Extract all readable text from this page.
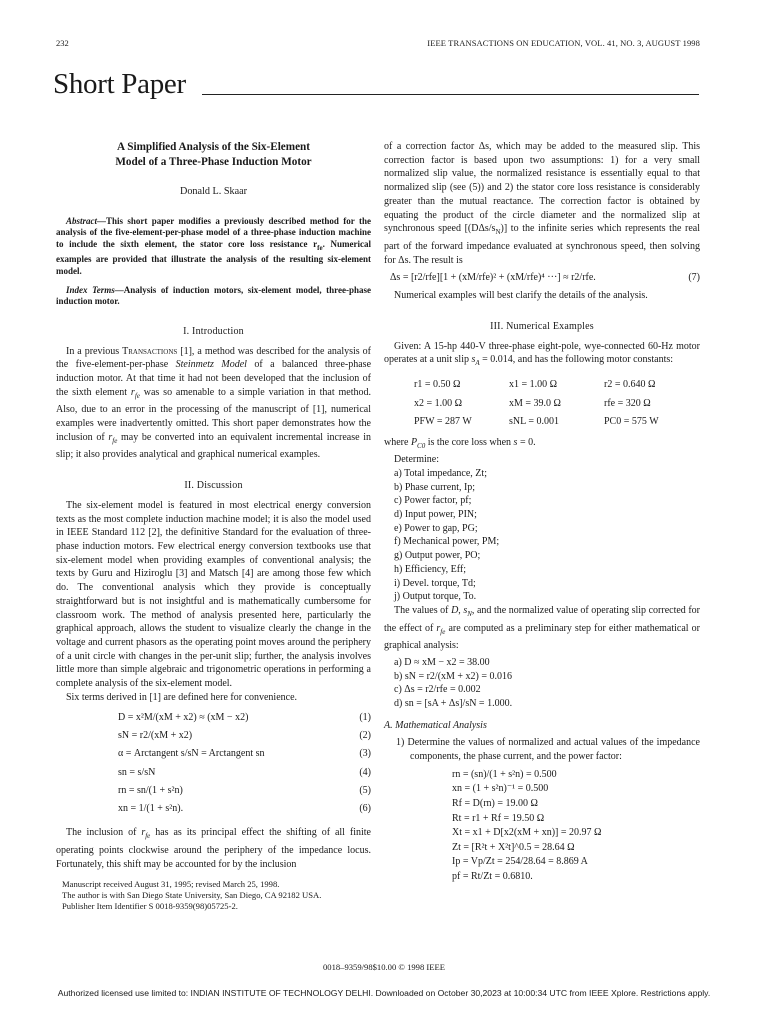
232	IEEE TRANSACTIONS ON EDUCATION, VOL. 41, NO. 3, AUGUST 1998
Short Paper
A Simplified Analysis of the Six-Element
Model of a Three-Phase Induction Motor
Donald L. Skaar

Abstract—This short paper modifies a previously described method for the analysis of the five-element-per-phase model of a three-phase induction machine to include the sixth element, the stator core loss resistance $r_{fe}$. Numerical examples are provided that illustrate the analysis of the resulting six-element model.

Index Terms—Analysis of induction motors, six-element model, three-phase induction motor.

I. Introduction

In a previous Transactions [1], a method was described for the analysis of the five-element-per-phase Steinmetz Model of a balanced three-phase induction motor. At that time it had not been developed that the inclusion of the sixth element $r_{fe}$ was so amenable to a simple variation in that method. Also, due to an error in the processing of the manuscript of [1], numerical examples were inadvertently omitted. This short paper demonstrates how the inclusion of $r_{fe}$ may be converted into an equivalent incremental increase in slip; it also provides analytical and graphical numerical examples.

II. Discussion

The six-element model is featured in most electrical energy conversion texts as the most complete induction machine model; it is also the model used in IEEE Standard 112 [2], the definitive Standard for the evaluation of three-phase induction motors. Few electrical energy conversion textbooks use that six-element model when providing examples of conventional analysis; the texts by Guru and Hiziroglu [3] and Matsch [4] are among those few which do. The conventional analysis which they provide is conceptually straightforward but is not insightful and is mathematically cumbersome for classroom work. The method of analysis presented here, particularly the graphical approach, allows the student to visualize clearly the change in the voltage and current phasors as the operating point moves around the periphery of a unit circle with changes in the per-unit slip; further, the analysis involves little more than simple algebraic and trigonometric operations in performing a complete analysis of the six-element model.

Six terms derived in [1] are defined here for convenience.

D = x²M/(xM + x2) ≈ (xM − x2)	(1)
sN = r2/(xM + x2)	(2)
α = Arctangent s/sN = Arctangent sn	(3)
sn = s/sN	(4)
rn = sn/(1 + s²n)	(5)
xn = 1/(1 + s²n).	(6)

The inclusion of $r_{fe}$ has as its principal effect the shifting of all finite operating points clockwise around the periphery of the impedance locus. Fortunately, this shift may be accounted for by the inclusion

Manuscript received August 31, 1995; revised March 25, 1998.
The author is with San Diego State University, San Diego, CA 92182 USA.
Publisher Item Identifier S 0018-9359(98)05725-2.

of a correction factor Δs, which may be added to the measured slip. This correction factor is based upon two assumptions: 1) for a very small normalized slip value, the normalized resistance is essentially equal to that normalized slip (see (5)) and 2) the stator core loss resistance is considerably greater than the mutual reactance. The correction factor is obtained by equating the product of the circle diameter and the normalized slip at synchronous speed $[(D\Delta s/s_N)]$ to the infinite series which represents the real part of the forward impedance evaluated at synchronous speed, then solving for Δs. The result is

Δs = [r2/rfe][1 + (xM/rfe)² + (xM/rfe)⁴ ···] ≈ r2/rfe.	(7)

Numerical examples will best clarify the details of the analysis.

III. Numerical Examples

Given: A 15-hp 440-V three-phase eight-pole, wye-connected 60-Hz motor operates at a unit slip $s_A = 0.014$, and has the following motor constants:

r1 = 0.50 Ω	x1 = 1.00 Ω	r2 = 0.640 Ω
x2 = 1.00 Ω	xM = 39.0 Ω	rfe = 320 Ω
PFW = 287 W	sNL = 0.001	PC0 = 575 W

where $P_{C0}$ is the core loss when s = 0.

Determine:

a) Total impedance, Zt;
b) Phase current, Ip;
c) Power factor, pf;
d) Input power, PIN;
e) Power to gap, PG;
f) Mechanical power, PM;
g) Output power, PO;
h) Efficiency, Eff;
i) Devel. torque, Td;
j) Output torque, To.

The values of D, $s_N$, and the normalized value of operating slip corrected for the effect of $r_{fe}$ are computed as a preliminary step for either mathematical or graphical analysis:

a) D ≈ xM − x2 = 38.00
b) sN = r2/(xM + x2) = 0.016
c) Δs = r2/rfe = 0.002
d) sn = [sA + Δs]/sN = 1.000.
A. Mathematical Analysis

1) Determine the values of normalized and actual values of the impedance components, the phase current, and the power factor:

rn = (sn)/(1 + s²n) = 0.500
xn = (1 + s²n)⁻¹ = 0.500
Rf = D(rn) = 19.00 Ω
Rt = r1 + Rf = 19.50 Ω
Xt = x1 + D[x2(xM + xn)] = 20.97 Ω
Zt = [R²t + X²t]^0.5 = 28.64 Ω
Ip = Vp/Zt = 254/28.64 = 8.869 A
pf = Rt/Zt = 0.6810.
0018–9359/98$10.00 © 1998 IEEE
Authorized licensed use limited to: INDIAN INSTITUTE OF TECHNOLOGY DELHI. Downloaded on October 30,2023 at 10:00:34 UTC from IEEE Xplore. Restrictions apply.
